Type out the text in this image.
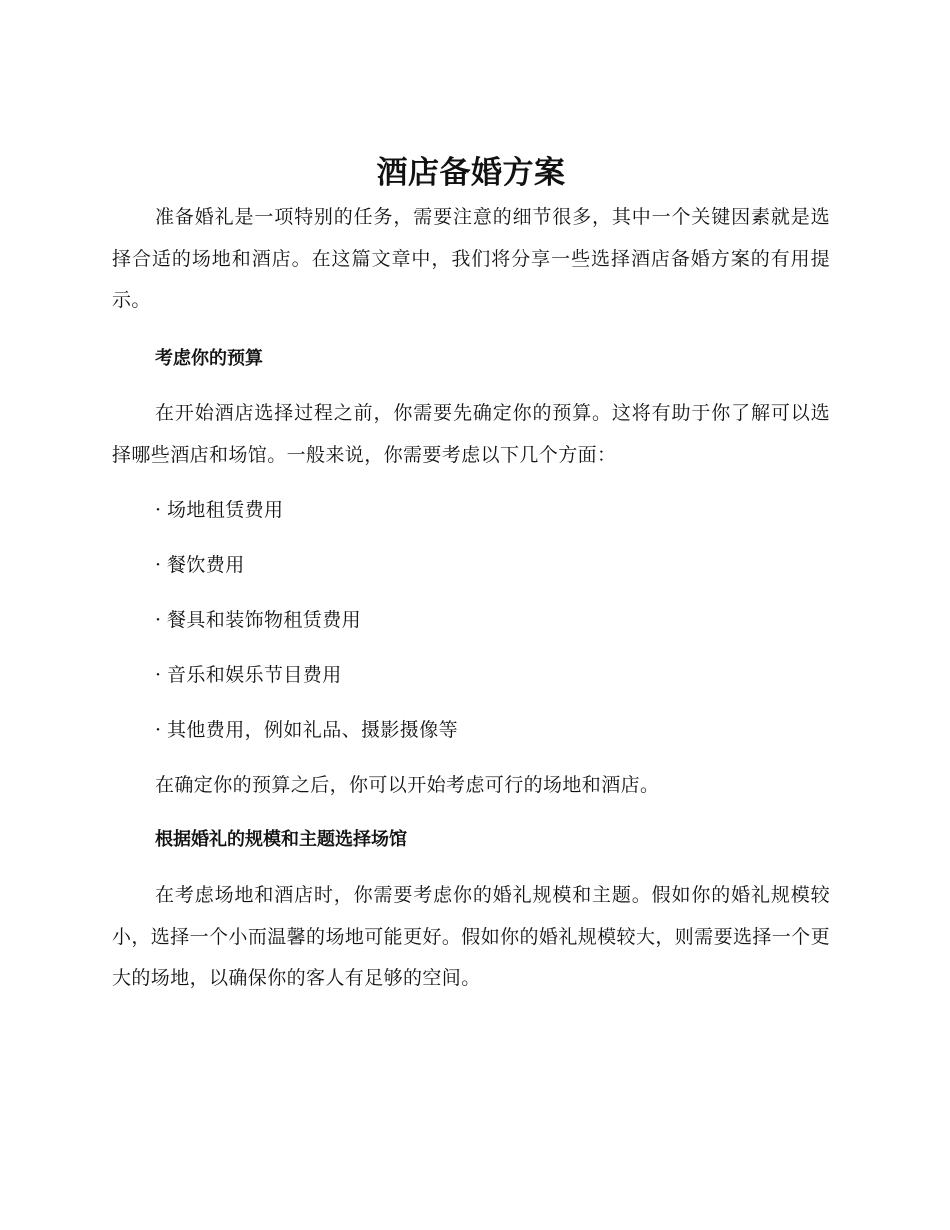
酒店备婚方案

准备婚礼是一项特别的任务，需要注意的细节很多，其中一个关键因素就是选择合适的场地和酒店。在这篇文章中，我们将分享一些选择酒店备婚方案的有用提示。

考虑你的预算

在开始酒店选择过程之前，你需要先确定你的预算。这将有助于你了解可以选择哪些酒店和场馆。一般来说，你需要考虑以下几个方面：

· 场地租赁费用

· 餐饮费用

· 餐具和装饰物租赁费用

· 音乐和娱乐节目费用

· 其他费用，例如礼品、摄影摄像等

在确定你的预算之后，你可以开始考虑可行的场地和酒店。

根据婚礼的规模和主题选择场馆

在考虑场地和酒店时，你需要考虑你的婚礼规模和主题。假如你的婚礼规模较小，选择一个小而温馨的场地可能更好。假如你的婚礼规模较大，则需要选择一个更大的场地，以确保你的客人有足够的空间。
